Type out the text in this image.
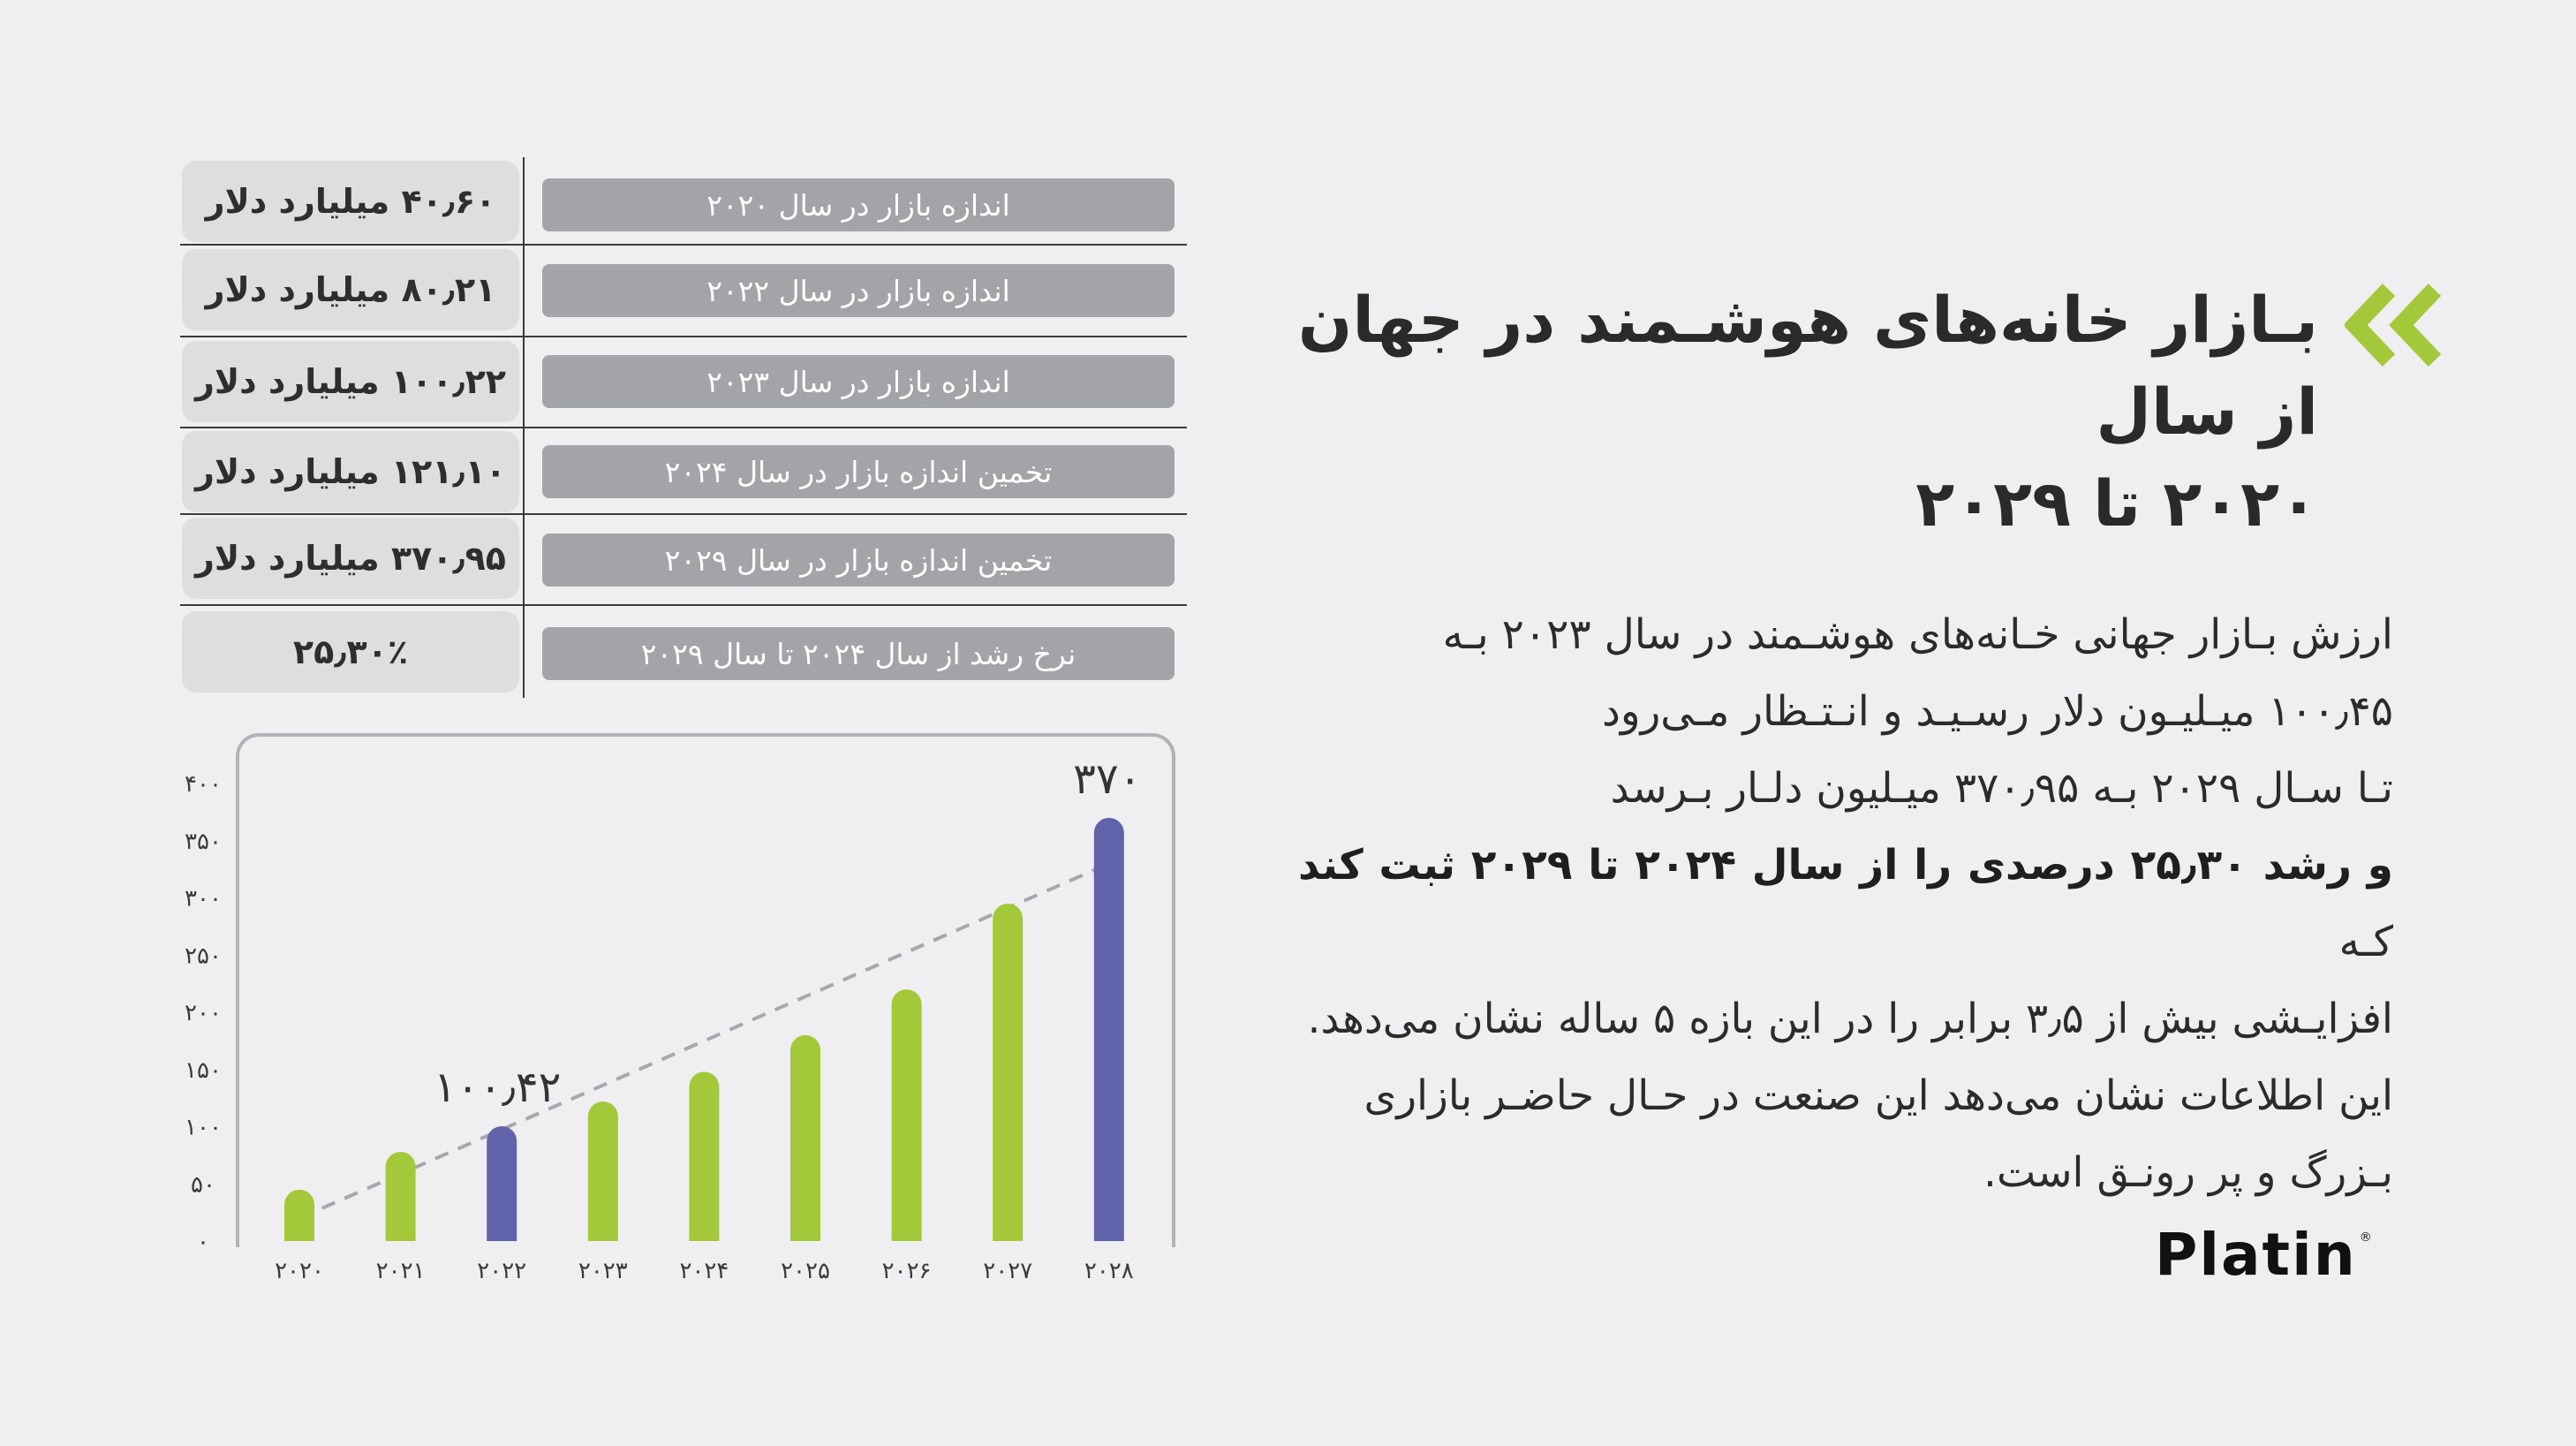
اندازه بازار در سال ۲۰۲۰
۴۰٫۶۰ میلیارد دلار
اندازه بازار در سال ۲۰۲۲
۸۰٫۲۱ میلیارد دلار
اندازه بازار در سال ۲۰۲۳
۱۰۰٫۲۲ میلیارد دلار
تخمین اندازه بازار در سال ۲۰۲۴
۱۲۱٫۱۰ میلیارد دلار
تخمین اندازه بازار در سال ۲۰۲۹
۳۷۰٫۹۵ میلیارد دلار
نرخ رشد از سال ۲۰۲۴ تا سال ۲۰۲۹
۲۵٫۳۰٪
۰
۵۰
۱۰۰
۱۵۰
۲۰۰
۲۵۰
۳۰۰
۳۵۰
۴۰۰
۲۰۲۰ ۲۰۲۱ ۲۰۲۲
۱۰۰٫۴۲
۲۰۲۳ ۲۰۲۴ ۲۰۲۵ ۲۰۲۶ ۲۰۲۷ ۲۰۲۸
۳۷۰
بـازار خانه‌های هوشـمند در جهان از سال
۲۰۲۰ تا ۲۰۲۹
ارزش بـازار جهانی خـانه‌های هوشـمند در سال ۲۰۲۳ بـه
۱۰۰٫۴۵ میـلیـون دلار رسـیـد و انـتـظار مـی‌رود
تـا سـال ۲۰۲۹ بـه ۳۷۰٫۹۵ میـلیون دلـار بـرسد
و رشد ۲۵٫۳۰ درصدی را از سال ۲۰۲۴ تا ۲۰۲۹ ثبت کند کـه
افزایـشی بیش از ۳٫۵ برابر را در این بازه ۵ ساله نشان می‌دهد.
این اطلاعات نشان می‌دهد این صنعت در حـال حاضـر بازاری
بـزرگ و پر رونـق است.
Platin ®
